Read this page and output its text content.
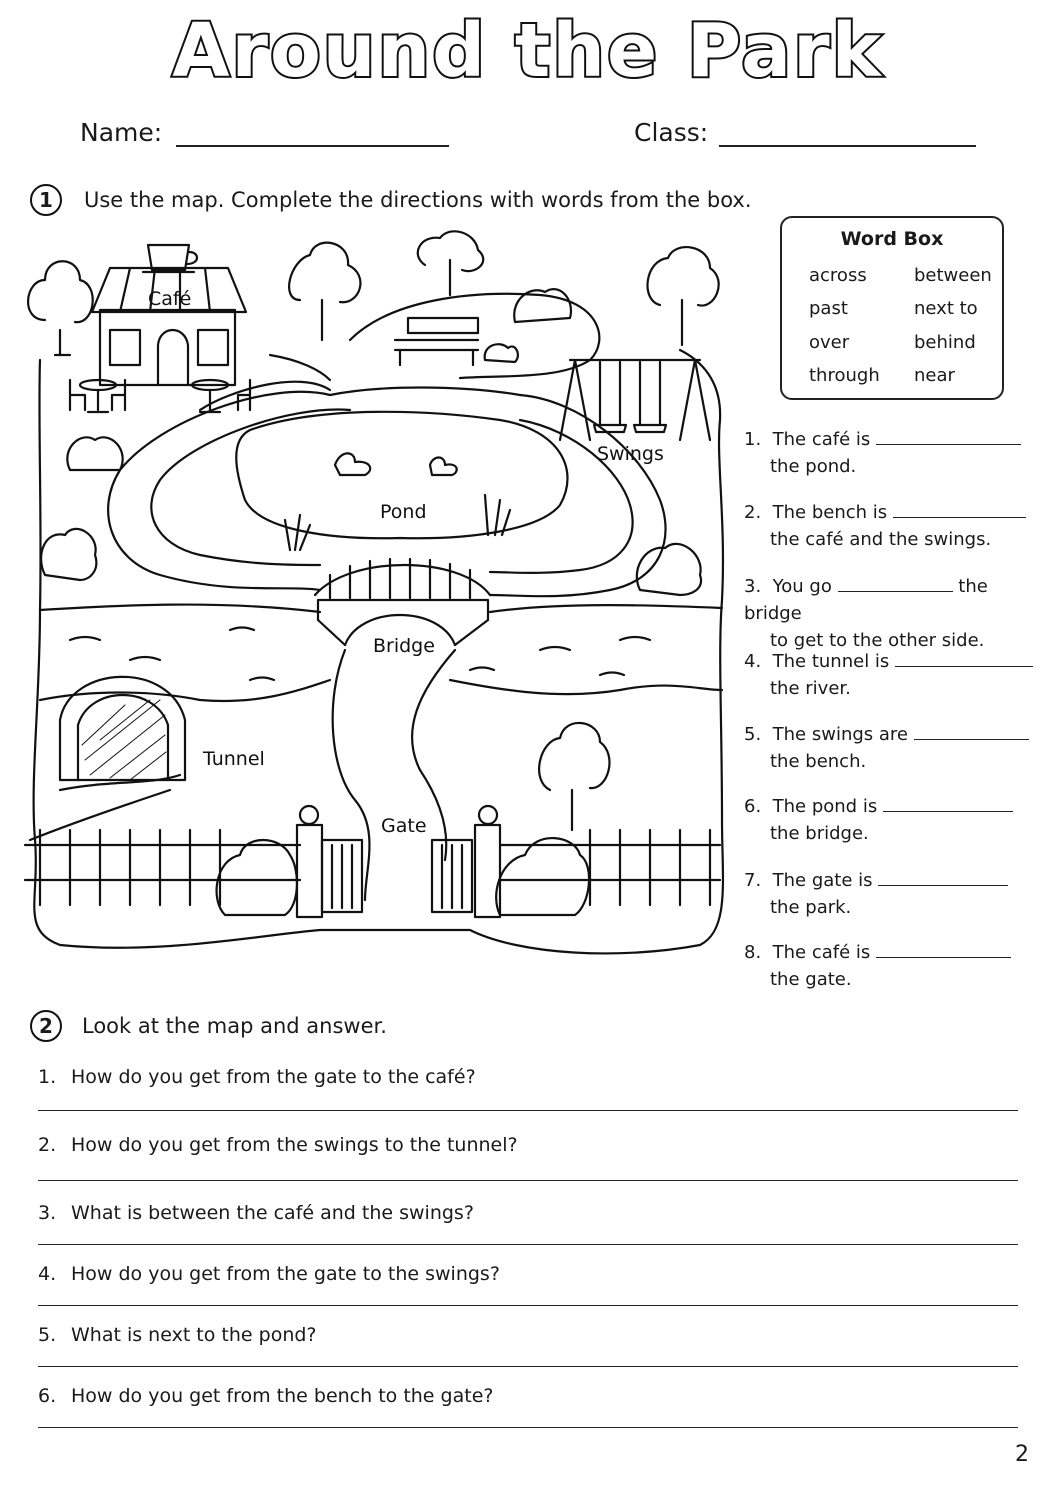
Around the Park
Name:	Class:
1	Use the map. Complete the directions with words from the box.
Café
Swings
Pond
Bridge
Tunnel
Gate
Word Box
across	between
past	next to
over	behind
through near
1. The café is
the pond.
2. The bench is
the café and the swings.
3. You go	the bridge
to get to the other side.
4. The tunnel is
the river.
5. The swings are
the bench.
6. The pond is
the bridge.
7. The gate is
the park.
8. The café is
the gate.
2	Look at the map and answer.
1. How do you get from the gate to the café?
2. How do you get from the swings to the tunnel?
3. What is between the café and the swings?
4. How do you get from the gate to the swings?
5. What is next to the pond?
6. How do you get from the bench to the gate?
2
